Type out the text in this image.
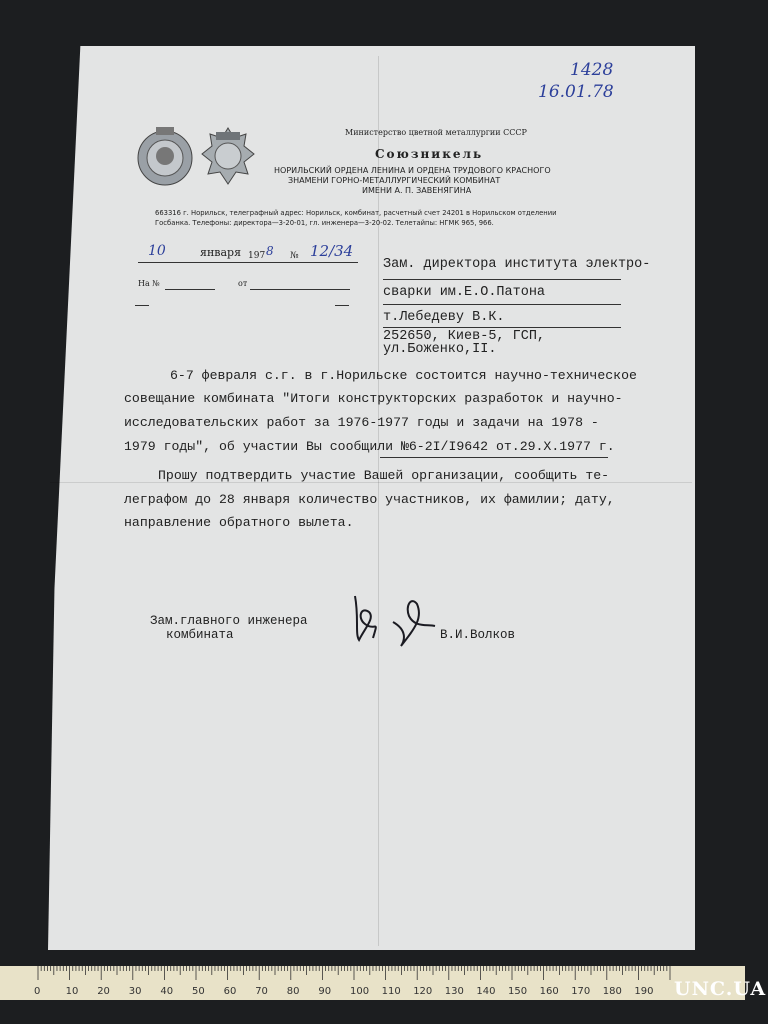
1428
16.01.78
Министерство цветной металлургии СССР
Союзникель
НОРИЛЬСКИЙ ОРДЕНА ЛЕНИНА И ОРДЕНА ТРУДОВОГО КРАСНОГО
ЗНАМЕНИ ГОРНО-МЕТАЛЛУРГИЧЕСКИЙ КОМБИНАТ
ИМЕНИ А. П. ЗАВЕНЯГИНА
663316 г. Норильск, телеграфный адрес: Норильск, комбинат, расчетный счет 24201 в Норильском отделении
Госбанка. Телефоны: директора—3-20-01, гл. инженера—3-20-02. Телетайпы: НГМК 965, 966.
10	января 197 8 № 12/34
На №	от
Зам. директора института электро-
сварки им.Е.О.Патона
т.Лебедеву В.К.
252650, Киев-5, ГСП,
ул.Боженко,II.
6-7 февраля с.г. в г.Норильске состоится научно-техническое
совещание комбината "Итоги конструкторских разработок и научно-
исследовательских работ за 1976-1977 годы и задачи на 1978 -
1979 годы", об участии Вы сообщили №6-2I/I9642 от.29.X.1977 г.
Прошу подтвердить участие Вашей организации, сообщить те-
леграфом до 28 января количество участников, их фамилии; дату,
направление обратного вылета.
Зам.главного инженера
комбината	В.И.Волков
0	10 20 30 40 50 60 70 80 90 100 110 120 130 140 150 160 170 180 190 UNC.UA
